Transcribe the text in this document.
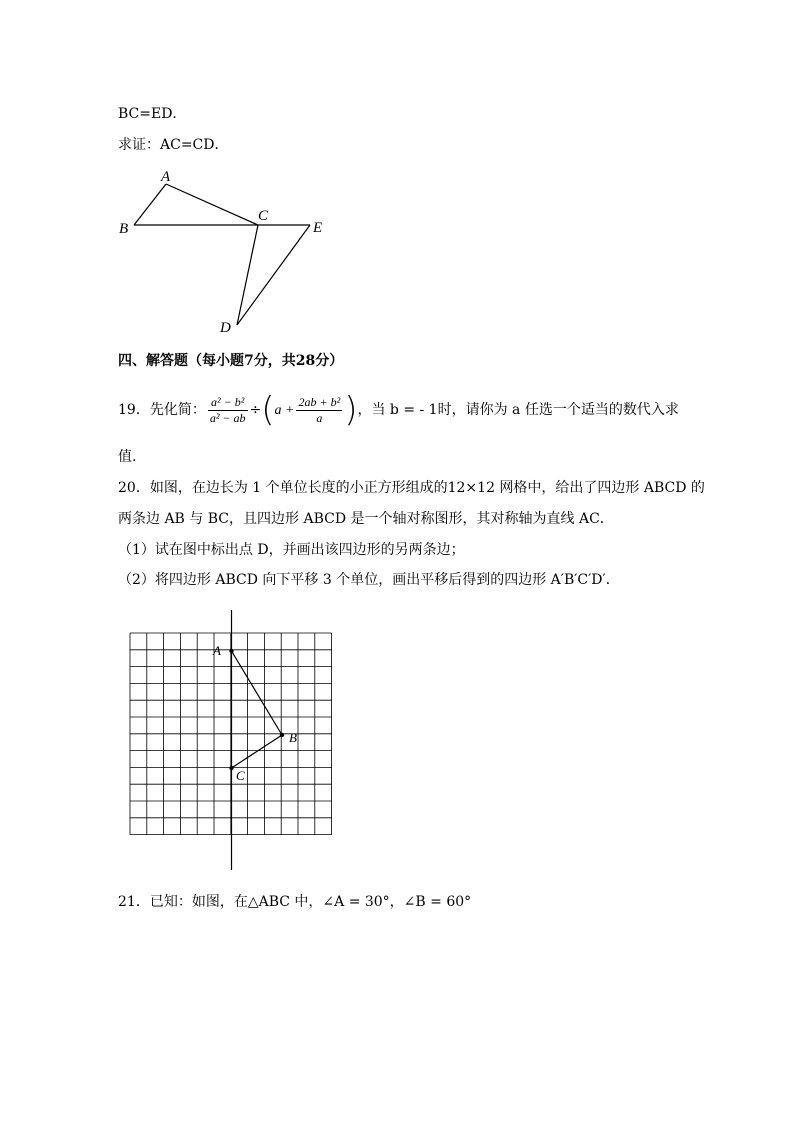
BC=ED．
求证：AC=CD．
A
B
C
E
D
四、解答题（每小题7分，共28分）
19．先化简： $\frac{\text{a² − b²}}{\text{a² − ab}} \div(a + \frac{\text{2ab + b²}}{a}$ )，当 b = - 1时，请你为 a 任选一个适当的数代入求
值.
20．如图，在边长为 1 个单位长度的小正方形组成的12×12 网格中，给出了四边形 ABCD 的
两条边 AB 与 BC，且四边形 ABCD 是一个轴对称图形，其对称轴为直线 AC．
（1）试在图中标出点 D，并画出该四边形的另两条边；
（2）将四边形 ABCD 向下平移 3 个单位，画出平移后得到的四边形 A′B′C′D′．
A
B
C
21．已知：如图，在△ABC 中，∠A = 30°，∠B = 60°
